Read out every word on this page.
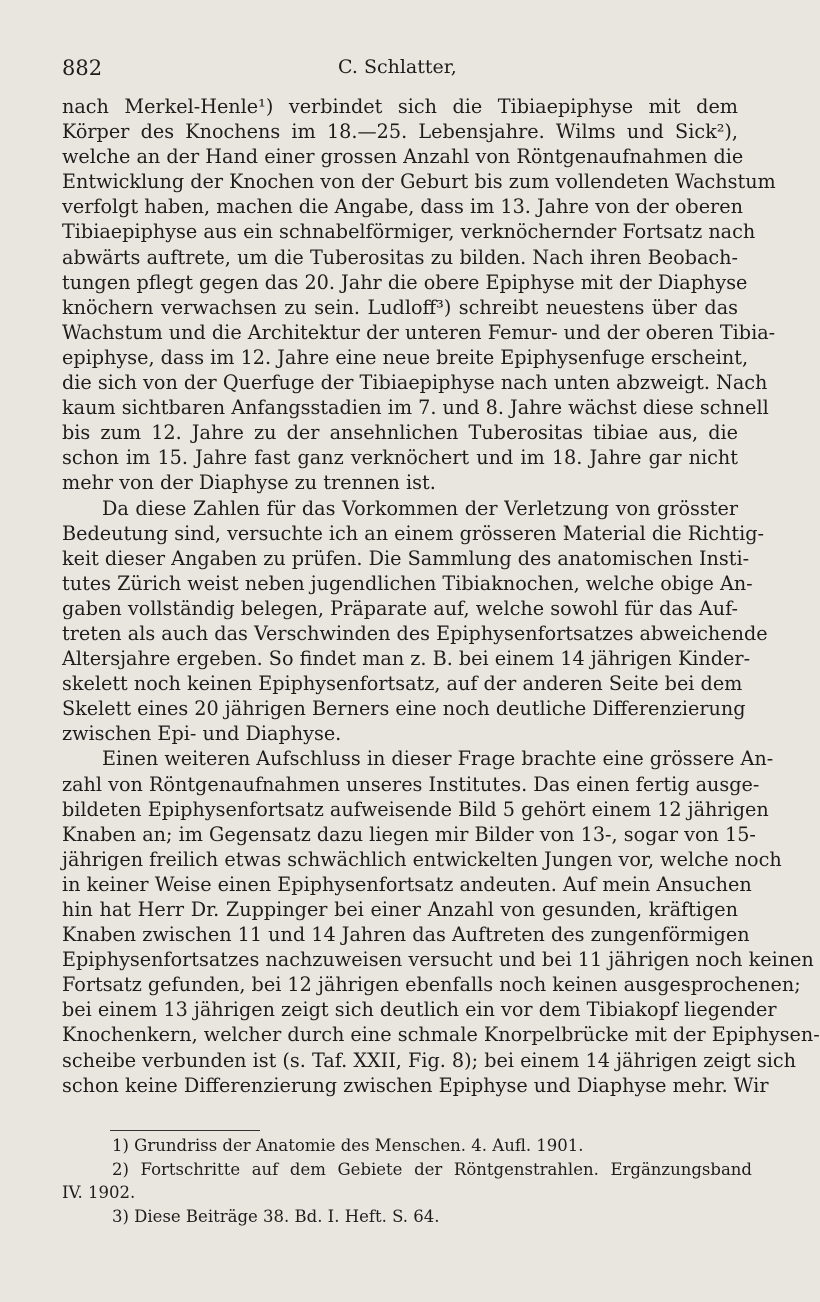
882	C. Schlatter,
nach Merkel-Henle¹) verbindet sich die Tibiaepiphyse mit dem
Körper des Knochens im 18.—25. Lebensjahre. Wilms und Sick²),
welche an der Hand einer grossen Anzahl von Röntgenaufnahmen die
Entwicklung der Knochen von der Geburt bis zum vollendeten Wachstum
verfolgt haben, machen die Angabe, dass im 13. Jahre von der oberen
Tibiaepiphyse aus ein schnabelförmiger, verknöchernder Fortsatz nach
abwärts auftrete, um die Tuberositas zu bilden. Nach ihren Beobach-
tungen pflegt gegen das 20. Jahr die obere Epiphyse mit der Diaphyse
knöchern verwachsen zu sein. Ludloff³) schreibt neuestens über das
Wachstum und die Architektur der unteren Femur- und der oberen Tibia-
epiphyse, dass im 12. Jahre eine neue breite Epiphysenfuge erscheint,
die sich von der Querfuge der Tibiaepiphyse nach unten abzweigt. Nach
kaum sichtbaren Anfangsstadien im 7. und 8. Jahre wächst diese schnell
bis zum 12. Jahre zu der ansehnlichen Tuberositas tibiae aus, die
schon im 15. Jahre fast ganz verknöchert und im 18. Jahre gar nicht
mehr von der Diaphyse zu trennen ist.
Da diese Zahlen für das Vorkommen der Verletzung von grösster
Bedeutung sind, versuchte ich an einem grösseren Material die Richtig-
keit dieser Angaben zu prüfen. Die Sammlung des anatomischen Insti-
tutes Zürich weist neben jugendlichen Tibiaknochen, welche obige An-
gaben vollständig belegen, Präparate auf, welche sowohl für das Auf-
treten als auch das Verschwinden des Epiphysenfortsatzes abweichende
Altersjahre ergeben. So findet man z. B. bei einem 14 jährigen Kinder-
skelett noch keinen Epiphysenfortsatz, auf der anderen Seite bei dem
Skelett eines 20 jährigen Berners eine noch deutliche Differenzierung
zwischen Epi- und Diaphyse.
Einen weiteren Aufschluss in dieser Frage brachte eine grössere An-
zahl von Röntgenaufnahmen unseres Institutes. Das einen fertig ausge-
bildeten Epiphysenfortsatz aufweisende Bild 5 gehört einem 12 jährigen
Knaben an; im Gegensatz dazu liegen mir Bilder von 13-, sogar von 15-
jährigen freilich etwas schwächlich entwickelten Jungen vor, welche noch
in keiner Weise einen Epiphysenfortsatz andeuten. Auf mein Ansuchen
hin hat Herr Dr. Zuppinger bei einer Anzahl von gesunden, kräftigen
Knaben zwischen 11 und 14 Jahren das Auftreten des zungenförmigen
Epiphysenfortsatzes nachzuweisen versucht und bei 11 jährigen noch keinen
Fortsatz gefunden, bei 12 jährigen ebenfalls noch keinen ausgesprochenen;
bei einem 13 jährigen zeigt sich deutlich ein vor dem Tibiakopf liegender
Knochenkern, welcher durch eine schmale Knorpelbrücke mit der Epiphysen-
scheibe verbunden ist (s. Taf. XXII, Fig. 8); bei einem 14 jährigen zeigt sich
schon keine Differenzierung zwischen Epiphyse und Diaphyse mehr. Wir
1) Grundriss der Anatomie des Menschen. 4. Aufl. 1901.
2) Fortschritte auf dem Gebiete der Röntgenstrahlen. Ergänzungsband
IV. 1902.
3) Diese Beiträge 38. Bd. I. Heft. S. 64.
